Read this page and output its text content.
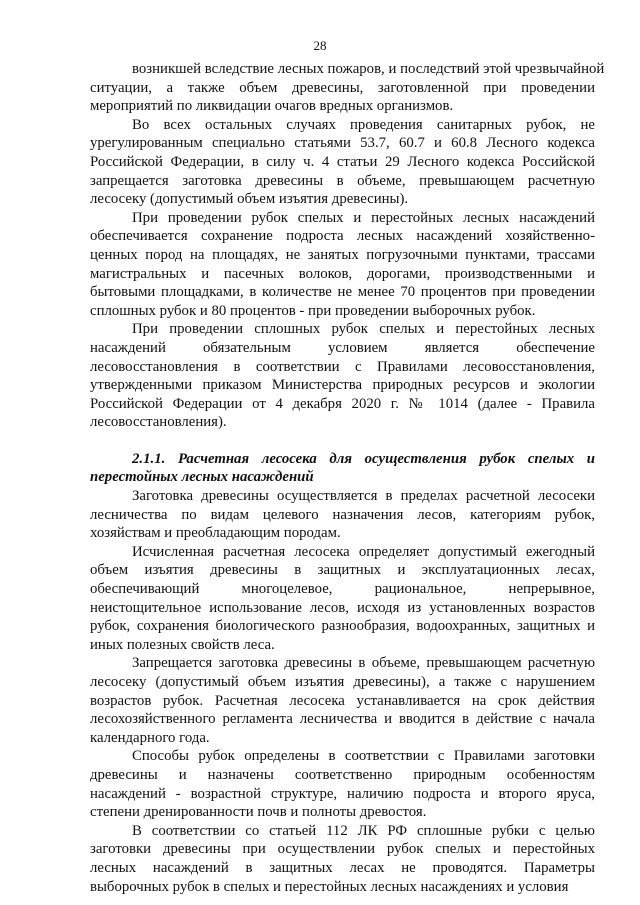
28
возникшей вследствие лесных пожаров, и последствий этой чрезвычайной
ситуации, а также объем древесины, заготовленной при проведении
мероприятий по ликвидации очагов вредных организмов.
Во всех остальных случаях проведения санитарных рубок, не
урегулированным специально статьями 53.7, 60.7 и 60.8 Лесного кодекса
Российской Федерации, в силу ч. 4 статьи 29 Лесного кодекса Российской
запрещается заготовка древесины в объеме, превышающем расчетную
лесосеку (допустимый объем изъятия древесины).
При проведении рубок спелых и перестойных лесных насаждений
обеспечивается сохранение подроста лесных насаждений хозяйственно-
ценных пород на площадях, не занятых погрузочными пунктами, трассами
магистральных и пасечных волоков, дорогами, производственными и
бытовыми площадками, в количестве не менее 70 процентов при проведении
сплошных рубок и 80 процентов - при проведении выборочных рубок.
При проведении сплошных рубок спелых и перестойных лесных
насаждений обязательным условием является обеспечение
лесовосстановления в соответствии с Правилами лесовосстановления,
утвержденными приказом Министерства природных ресурсов и экологии
Российской Федерации от 4 декабря 2020 г. № 1014 (далее - Правила
лесовосстановления).
2.1.1. Расчетная лесосека для осуществления рубок спелых и
перестойных лесных насаждений
Заготовка древесины осуществляется в пределах расчетной лесосеки
лесничества по видам целевого назначения лесов, категориям рубок,
хозяйствам и преобладающим породам.
Исчисленная расчетная лесосека определяет допустимый ежегодный
объем изъятия древесины в защитных и эксплуатационных лесах,
обеспечивающий многоцелевое, рациональное, непрерывное,
неистощительное использование лесов, исходя из установленных возрастов
рубок, сохранения биологического разнообразия, водоохранных, защитных и
иных полезных свойств леса.
Запрещается заготовка древесины в объеме, превышающем расчетную
лесосеку (допустимый объем изъятия древесины), а также с нарушением
возрастов рубок. Расчетная лесосека устанавливается на срок действия
лесохозяйственного регламента лесничества и вводится в действие с начала
календарного года.
Способы рубок определены в соответствии с Правилами заготовки
древесины и назначены соответственно природным особенностям
насаждений - возрастной структуре, наличию подроста и второго яруса,
степени дренированности почв и полноты древостоя.
В соответствии со статьей 112 ЛК РФ сплошные рубки с целью
заготовки древесины при осуществлении рубок спелых и перестойных
лесных насаждений в защитных лесах не проводятся. Параметры
выборочных рубок в спелых и перестойных лесных насаждениях и условия
